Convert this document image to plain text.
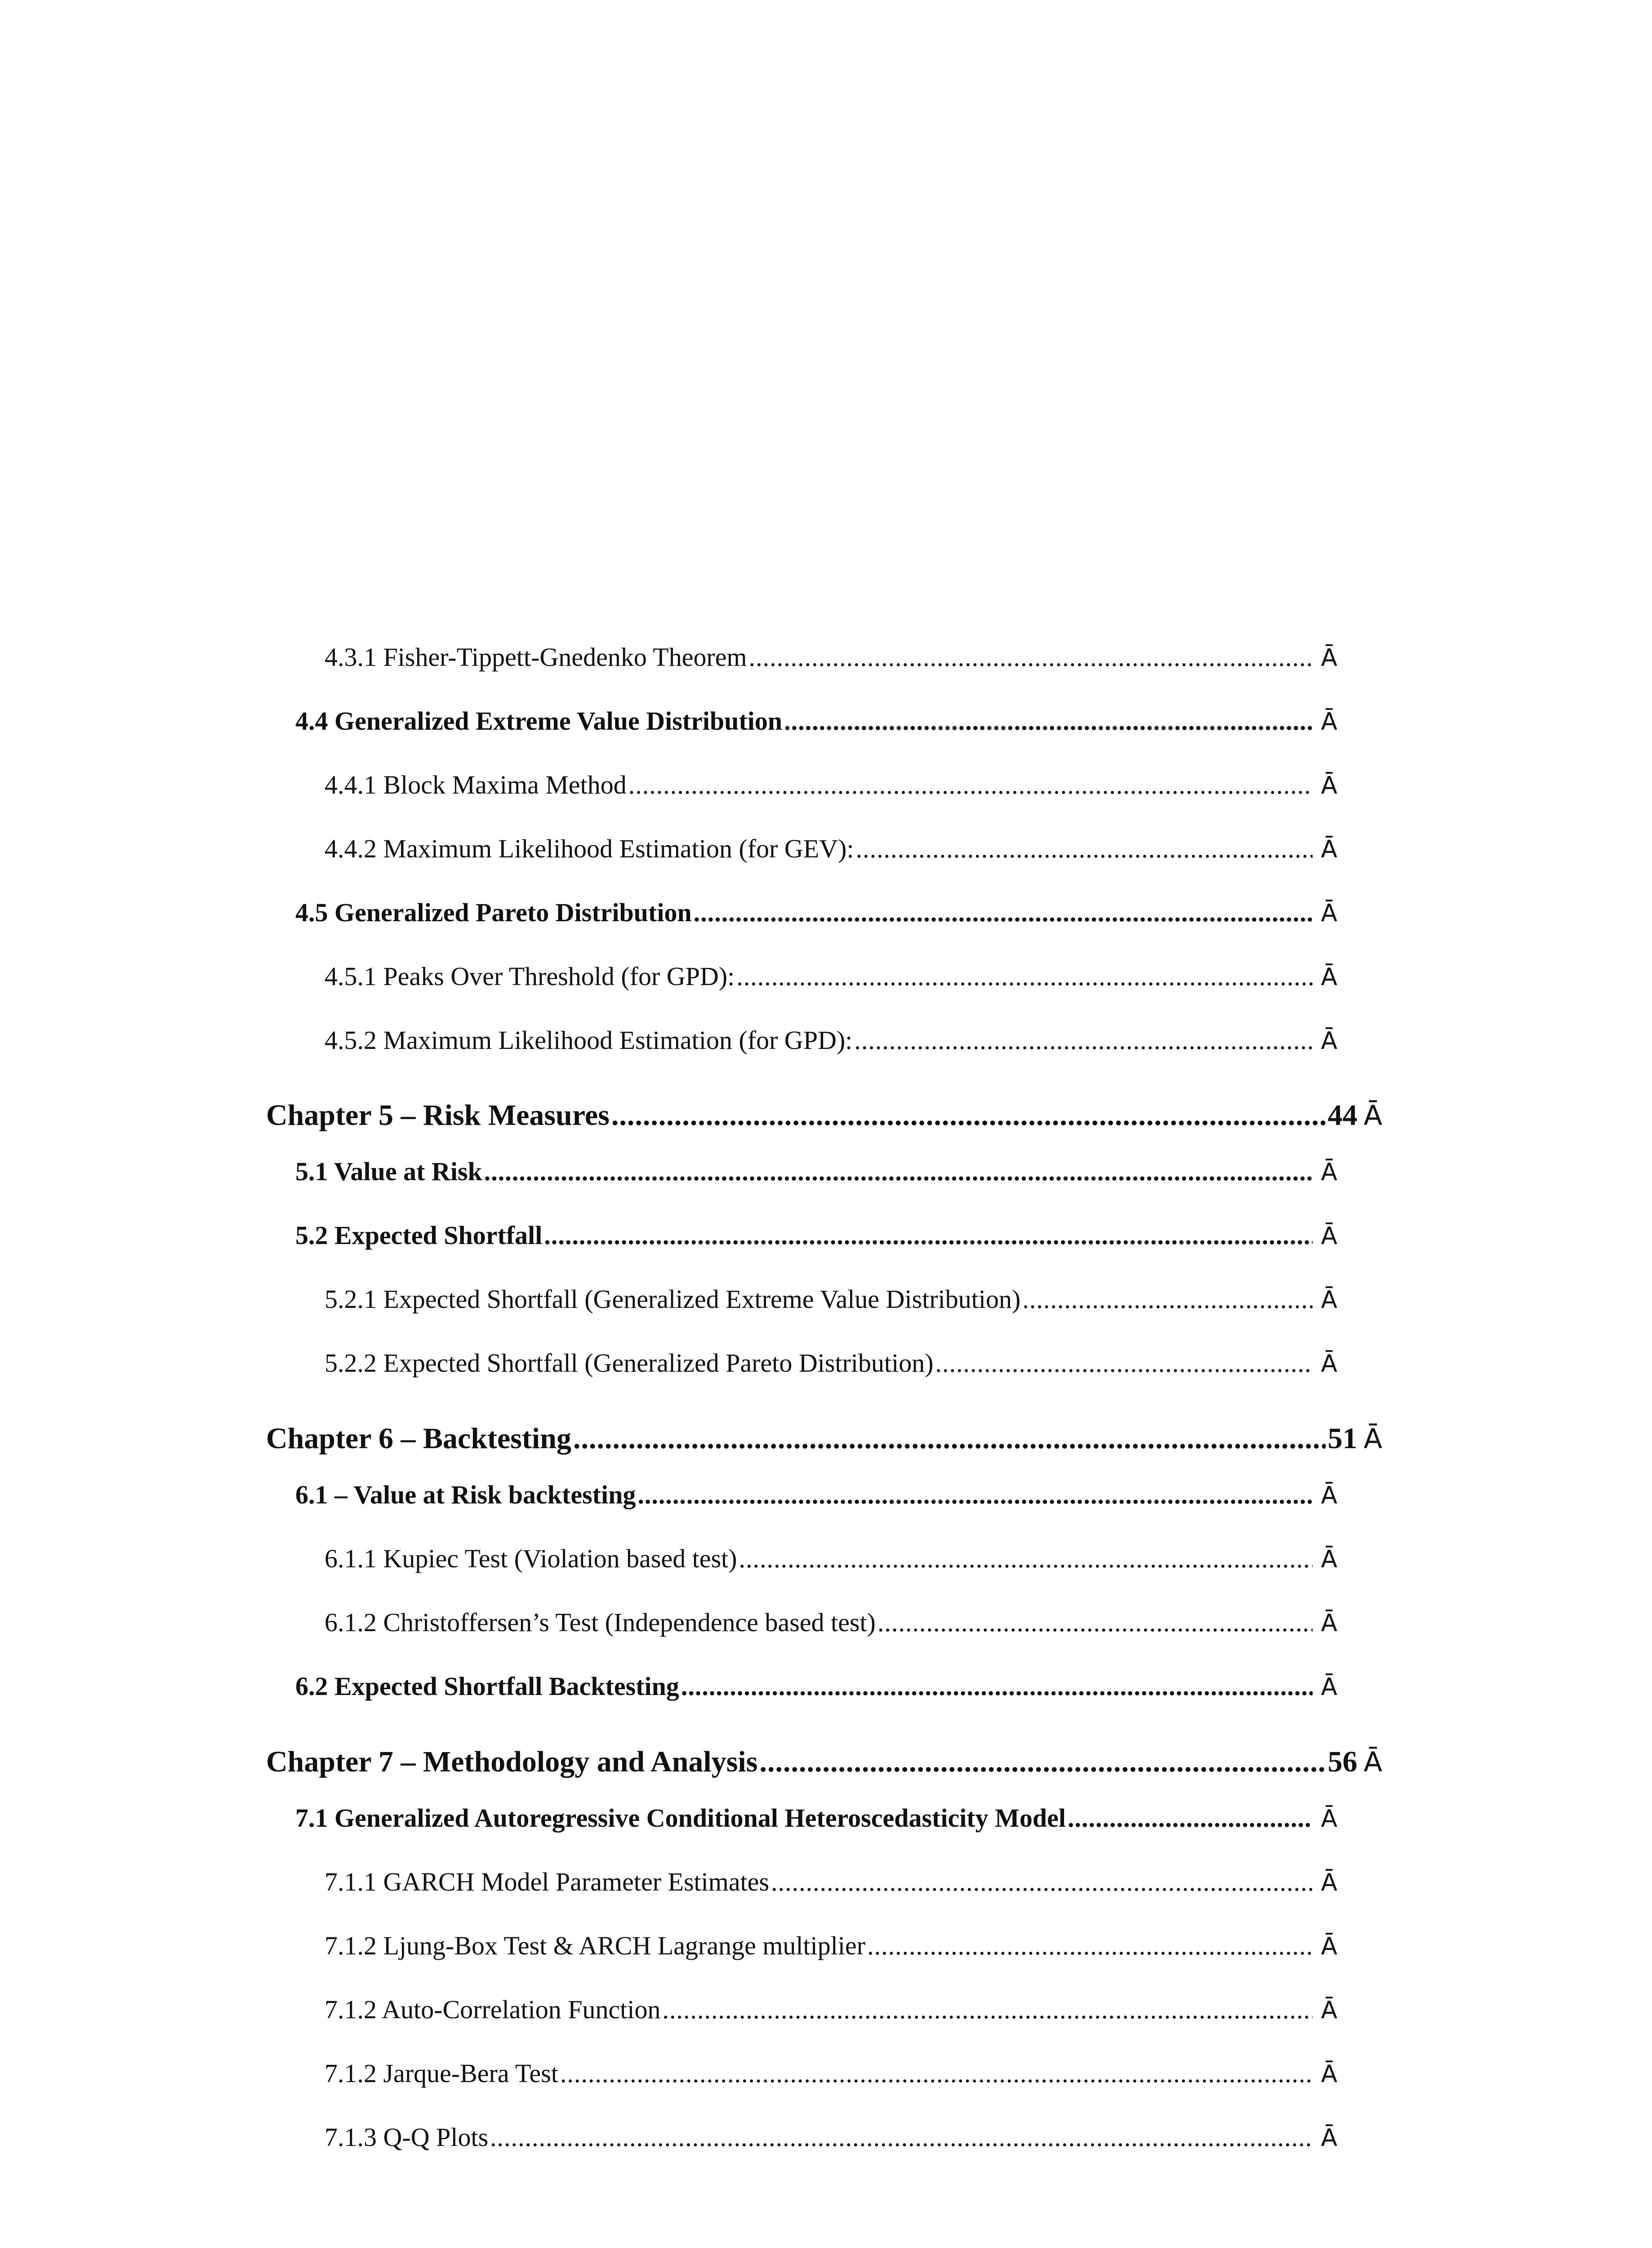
4.3.1 Fisher-Tippett-Gnedenko Theorem .....	Ā
4.4 Generalized Extreme Value Distribution .....	Ā
4.4.1 Block Maxima Method .....	Ā
4.4.2 Maximum Likelihood Estimation (for GEV): .....	Ā
4.5 Generalized Pareto Distribution .....	Ā
4.5.1 Peaks Over Threshold (for GPD): .....	Ā
4.5.2 Maximum Likelihood Estimation (for GPD): .....	Ā
Chapter 5 – Risk Measures .....	44 Ā
5.1 Value at Risk .....	Ā
5.2 Expected Shortfall .....	Ā
5.2.1 Expected Shortfall (Generalized Extreme Value Distribution) .....	Ā
5.2.2 Expected Shortfall (Generalized Pareto Distribution) .....	Ā
Chapter 6 – Backtesting .....	51 Ā
6.1 – Value at Risk backtesting .....	Ā
6.1.1 Kupiec Test (Violation based test) .....	Ā
6.1.2 Christoffersen’s Test (Independence based test) .....	Ā
6.2 Expected Shortfall Backtesting .....	Ā
Chapter 7 – Methodology and Analysis .....	56 Ā
7.1 Generalized Autoregressive Conditional Heteroscedasticity Model .....	Ā
7.1.1 GARCH Model Parameter Estimates .....	Ā
7.1.2 Ljung-Box Test & ARCH Lagrange multiplier .....	Ā
7.1.2 Auto-Correlation Function .....	Ā
7.1.2 Jarque-Bera Test .....	Ā
7.1.3 Q-Q Plots .....	Ā
